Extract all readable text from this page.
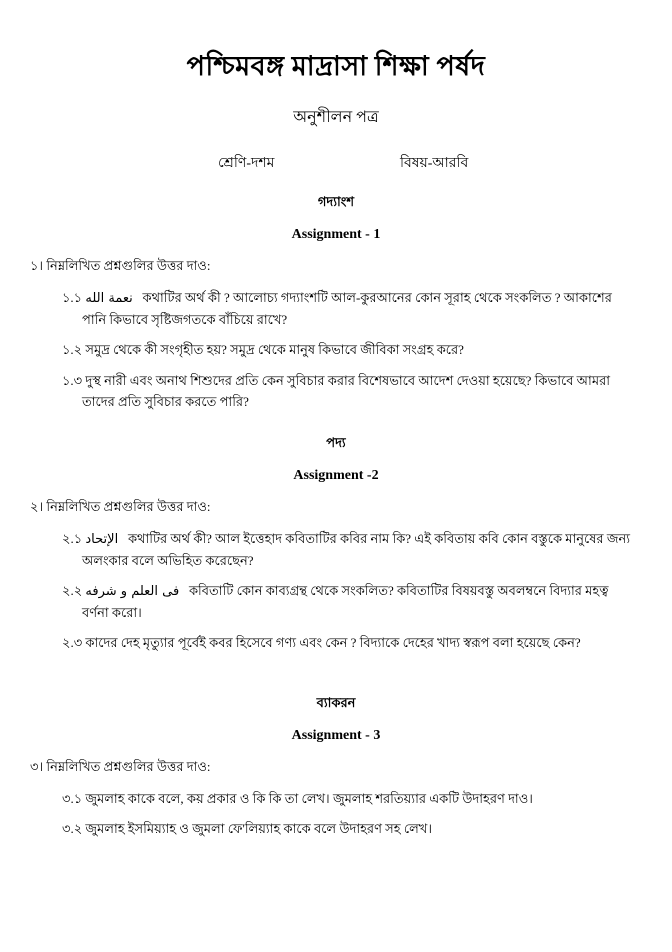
পশ্চিমবঙ্গ মাদ্রাসা শিক্ষা পর্ষদ
অনুশীলন পত্র
শ্রেণি-দশম	বিষয়-আরবি
গদ্যাংশ
Assignment - 1
১। নিম্নলিখিত প্রশ্নগুলির উত্তর দাও:
১.১ نعمة الله কথাটির অর্থ কী ? আলোচ্য গদ্যাংশটি আল-কুরআনের কোন সূরাহ থেকে সংকলিত ? আকাশের পানি কিভাবে সৃষ্টিজগতকে বাঁচিয়ে রাখে?
১.২ সমুদ্র থেকে কী সংগৃহীত হয়? সমুদ্র থেকে মানুষ কিভাবে জীবিকা সংগ্রহ করে?
১.৩ দুস্থ নারী এবং অনাথ শিশুদের প্রতি কেন সুবিচার করার বিশেষভাবে আদেশ দেওয়া হয়েছে? কিভাবে আমরা তাদের প্রতি সুবিচার করতে পারি?
পদ্য
Assignment -2
২। নিম্নলিখিত প্রশ্নগুলির উত্তর দাও:
২.১ الإتحاد কথাটির অর্থ কী? আল ইত্তেহাদ কবিতাটির কবির নাম কি? এই কবিতায় কবি কোন বস্তুকে মানুষের জন্য অলংকার বলে অভিহিত করেছেন?
২.২ فى العلم و شرفه কবিতাটি কোন কাব্যগ্রন্থ থেকে সংকলিত? কবিতাটির বিষয়বস্তু অবলম্বনে বিদ্যার মহত্ব বর্ণনা করো।
২.৩ কাদের দেহ মৃত্যুার পূর্বেই কবর হিসেবে গণ্য এবং কেন ? বিদ্যাকে দেহের খাদ্য স্বরূপ বলা হয়েছে কেন?
ব্যাকরন
Assignment - 3
৩। নিম্নলিখিত প্রশ্নগুলির উত্তর দাও:
৩.১ জুমলাহ কাকে বলে, কয় প্রকার ও কি কি তা লেখ। জুমলাহ শরতিয়্যার একটি উদাহরণ দাও।
৩.২ জুমলাহ ইসমিয়্যাহ ও জুমলা ফে'লিয়্যাহ কাকে বলে উদাহরণ সহ লেখ।
